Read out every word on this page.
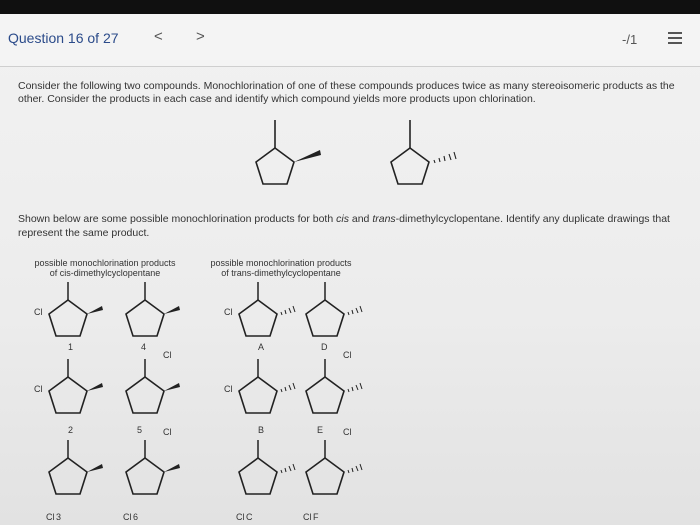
Question 16 of 27 < >	-/1
Consider the following two compounds. Monochlorination of one of these compounds produces twice as many stereoisomeric products as the other. Consider the products in each case and identify which compound yields more products upon chlorination.
Shown below are some possible monochlorination products for both cis and trans-dimethylcyclopentane. Identify any duplicate drawings that represent the same product.
possible monochlorination products
of cis-dimethylcyclopentane
possible monochlorination products
of trans-dimethylcyclopentane
Cl
1
Cl
4
Cl
2	Cl
5
Cl 3	Cl 6
Cl
A
Cl
D
Cl
B	Cl
E
Cl C	Cl F
